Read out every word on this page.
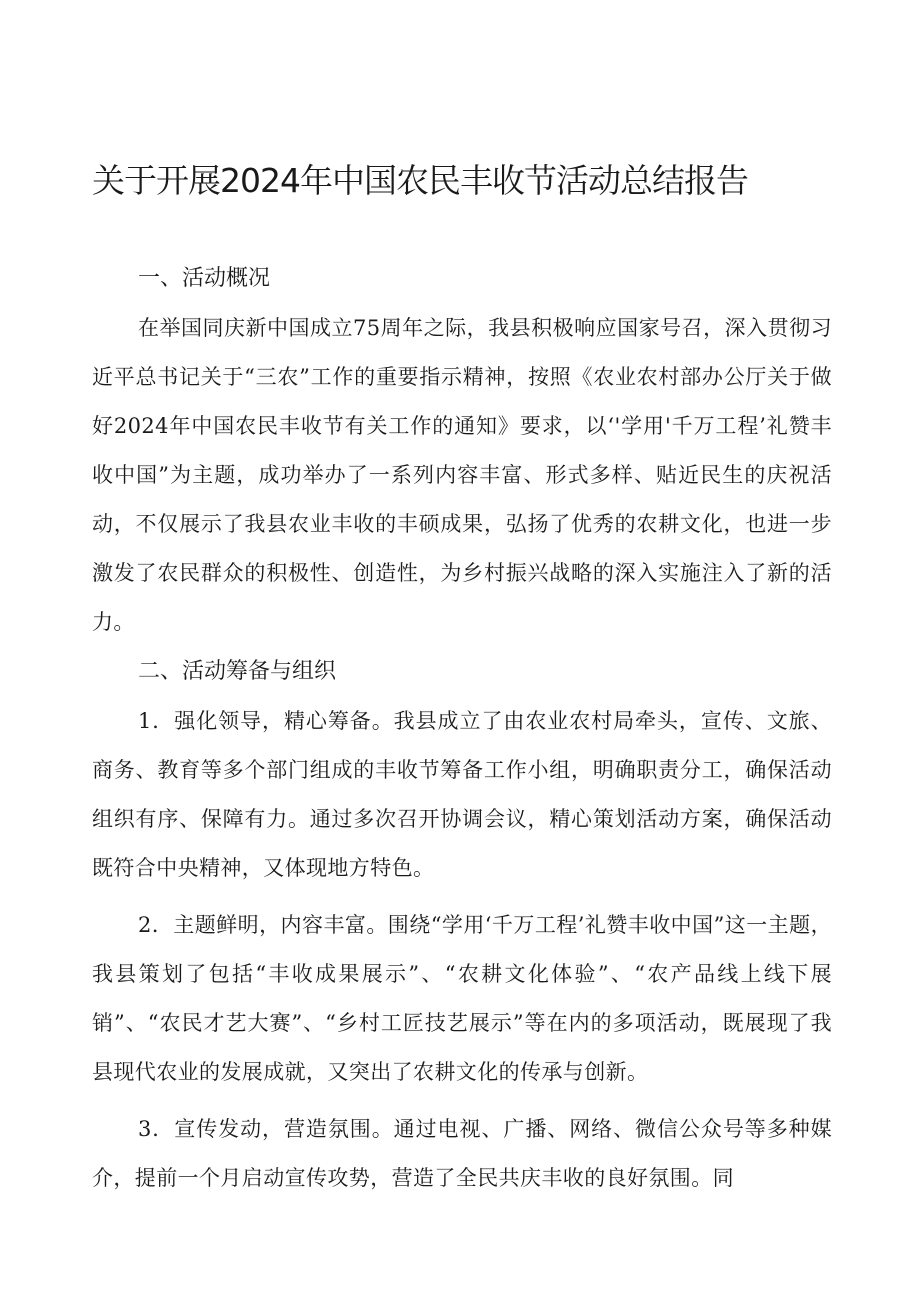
关于开展2024年中国农民丰收节活动总结报告
一、活动概况

在举国同庆新中国成立75周年之际，我县积极响应国家号召，深入贯彻习近平总书记关于“三农”工作的重要指示精神，按照《农业农村部办公厅关于做好2024年中国农民丰收节有关工作的通知》要求，以‘'学用'千万工程’礼赞丰收中国”为主题，成功举办了一系列内容丰富、形式多样、贴近民生的庆祝活动，不仅展示了我县农业丰收的丰硕成果，弘扬了优秀的农耕文化，也进一步激发了农民群众的积极性、创造性，为乡村振兴战略的深入实施注入了新的活力。

二、活动筹备与组织

1．强化领导，精心筹备。我县成立了由农业农村局牵头，宣传、文旅、商务、教育等多个部门组成的丰收节筹备工作小组，明确职责分工，确保活动组织有序、保障有力。通过多次召开协调会议，精心策划活动方案，确保活动既符合中央精神，又体现地方特色。

2．主题鲜明，内容丰富。围绕“学用‘千万工程’礼赞丰收中国”这一主题，我县策划了包括“丰收成果展示”、“农耕文化体验”、“农产品线上线下展销”、“农民才艺大赛”、“乡村工匠技艺展示”等在内的多项活动，既展现了我县现代农业的发展成就，又突出了农耕文化的传承与创新。

3．宣传发动，营造氛围。通过电视、广播、网络、微信公众号等多种媒介，提前一个月启动宣传攻势，营造了全民共庆丰收的良好氛围。同
